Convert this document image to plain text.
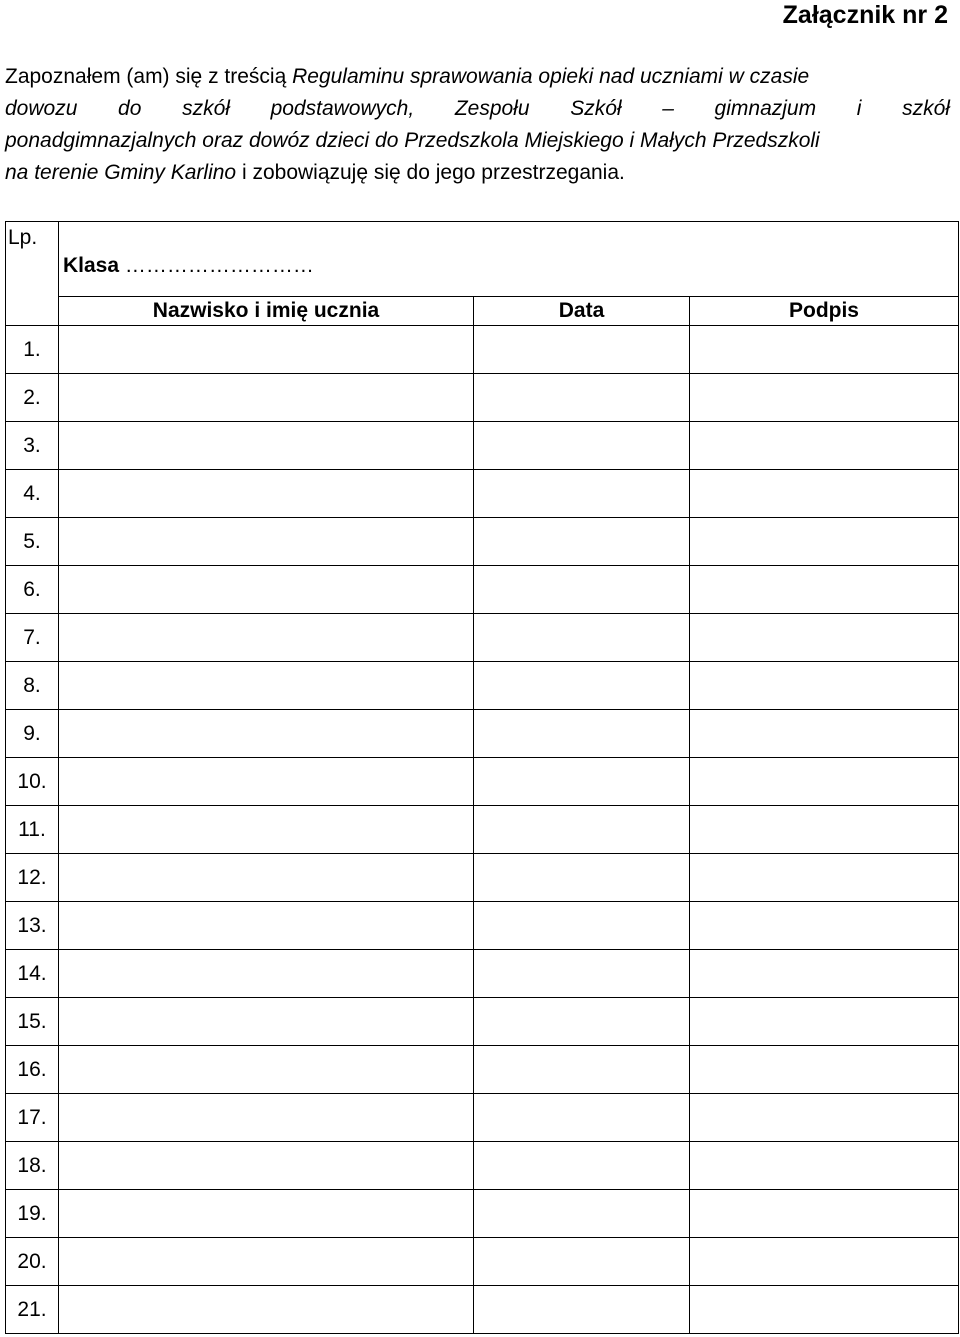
Załącznik nr 2
Zapoznałem (am) się z treścią Regulaminu sprawowania opieki nad uczniami w czasie
dowozu do szkół podstawowych, Zespołu Szkół – gimnazjum i szkół
ponadgimnazjalnych oraz dowóz dzieci do Przedszkola Miejskiego i Małych Przedszkoli
na terenie Gminy Karlino i zobowiązuję się do jego przestrzegania.
Lp.	Klasa ………………………		
	Nazwisko i imię ucznia	Data	Podpis
1.			
2.			
3.			
4.			
5.			
6.			
7.			
8.			
9.			
10.			
11.			
12.			
13.			
14.			
15.			
16.			
17.			
18.			
19.			
20.			
21.			
